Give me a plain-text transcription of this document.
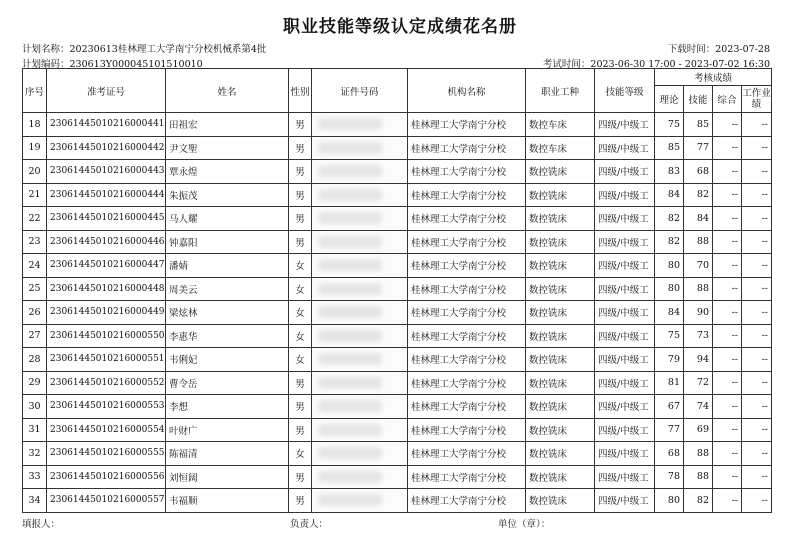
职业技能等级认定成绩花名册
计划名称：20230613桂林理工大学南宁分校机械系第4批	下载时间：2023-07-28
计划编码：230613Y000045101510010	考试时间：2023-06-30 17:00 - 2023-07-02 16:30
序号	准考证号	姓名	性别	证件号码	机构名称	职业工种	技能等级	考核成绩			
								理论	技能	综合	工作业绩
18	23061445010216000441	田祖宏	男		桂林理工大学南宁分校	数控车床	四级/中级工	75	85	--	--
19	23061445010216000442	尹文聖	男		桂林理工大学南宁分校	数控车床	四级/中级工	85	77	--	--
20	23061445010216000443	覃永煌	男		桂林理工大学南宁分校	数控铣床	四级/中级工	83	68	--	--
21	23061445010216000444	朱振茂	男		桂林理工大学南宁分校	数控铣床	四级/中级工	84	82	--	--
22	23061445010216000445	马人耀	男		桂林理工大学南宁分校	数控铣床	四级/中级工	82	84	--	--
23	23061445010216000446	钟嘉阳	男		桂林理工大学南宁分校	数控铣床	四级/中级工	82	88	--	--
24	23061445010216000447	潘婧	女		桂林理工大学南宁分校	数控铣床	四级/中级工	80	70	--	--
25	23061445010216000448	周美云	女		桂林理工大学南宁分校	数控铣床	四级/中级工	80	88	--	--
26	23061445010216000449	梁炫林	女		桂林理工大学南宁分校	数控铣床	四级/中级工	84	90	--	--
27	23061445010216000550	李惠华	女		桂林理工大学南宁分校	数控铣床	四级/中级工	75	73	--	--
28	23061445010216000551	韦俐妃	女		桂林理工大学南宁分校	数控铣床	四级/中级工	79	94	--	--
29	23061445010216000552	曹令岳	男		桂林理工大学南宁分校	数控铣床	四级/中级工	81	72	--	--
30	23061445010216000553	李想	男		桂林理工大学南宁分校	数控铣床	四级/中级工	67	74	--	--
31	23061445010216000554	叶财广	男		桂林理工大学南宁分校	数控铣床	四级/中级工	77	69	--	--
32	23061445010216000555	陈福清	女		桂林理工大学南宁分校	数控铣床	四级/中级工	68	88	--	--
33	23061445010216000556	刘恒阔	男		桂林理工大学南宁分校	数控铣床	四级/中级工	78	88	--	--
34	23061445010216000557	韦福顺	男		桂林理工大学南宁分校	数控铣床	四级/中级工	80	82	--	--
填报人：	负责人：	单位（章）：
